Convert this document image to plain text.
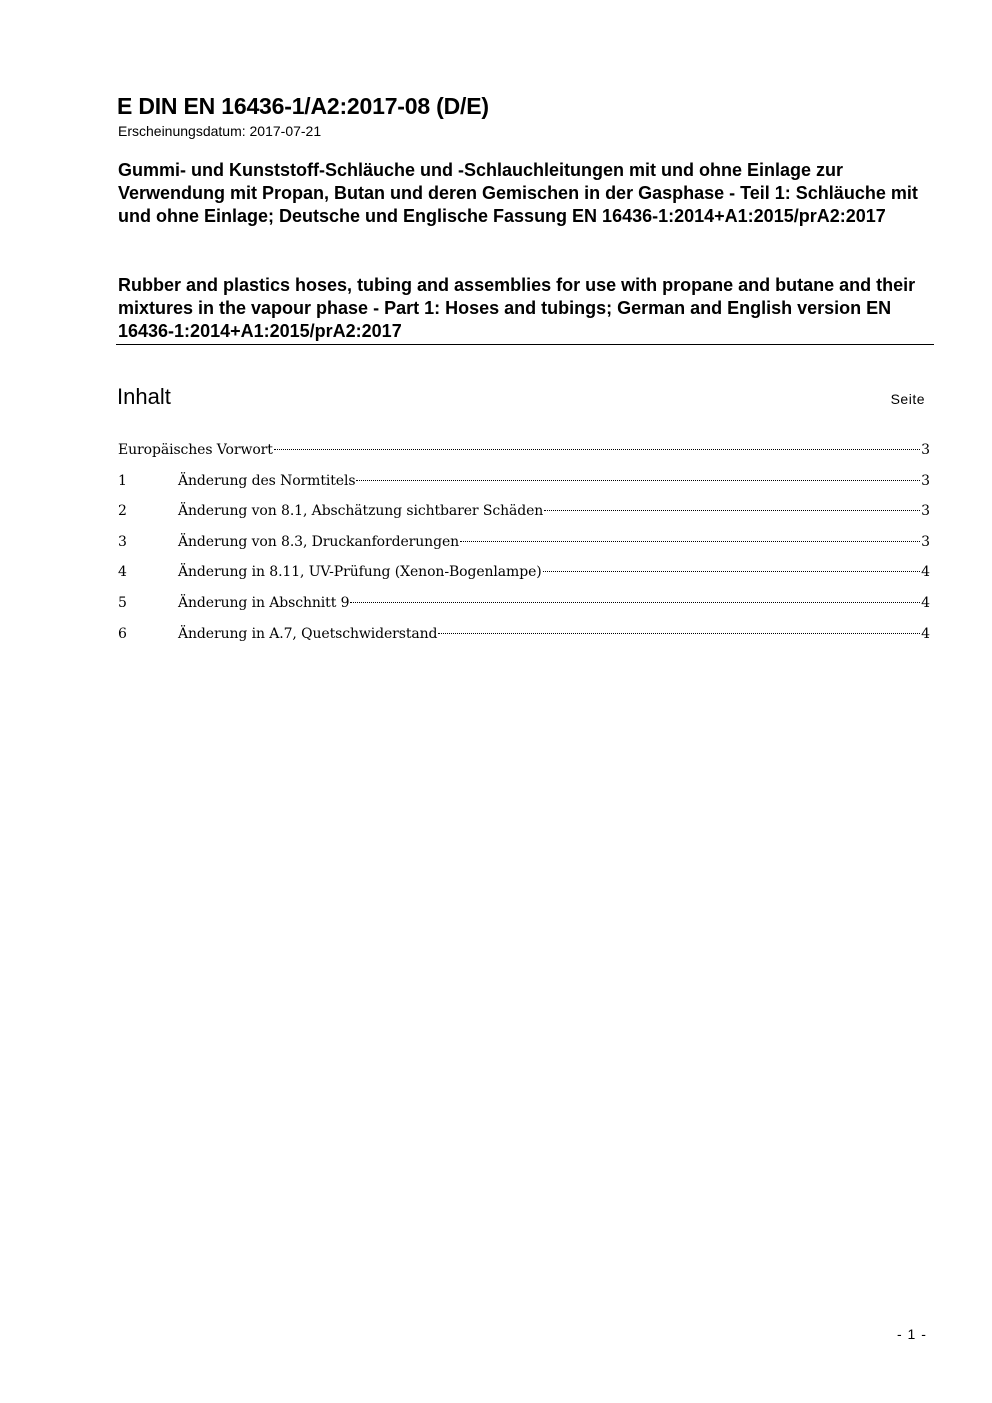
E DIN EN 16436-1/A2:2017-08 (D/E)
Erscheinungsdatum: 2017-07-21

Gummi- und Kunststoff-Schläuche und -Schlauchleitungen mit und ohne Einlage zur Verwendung mit Propan, Butan und deren Gemischen in der Gasphase - Teil 1: Schläuche mit und ohne Einlage; Deutsche und Englische Fassung EN 16436-1:2014+A1:2015/prA2:2017

Rubber and plastics hoses, tubing and assemblies for use with propane and butane and their mixtures in the vapour phase - Part 1: Hoses and tubings; German and English version EN 16436-1:2014+A1:2015/prA2:2017

Inhalt	Seite
Europäisches Vorwort	3
1	Änderung des Normtitels	3
2	Änderung von 8.1, Abschätzung sichtbarer Schäden	3
3	Änderung von 8.3, Druckanforderungen	3
4	Änderung in 8.11, UV-Prüfung (Xenon-Bogenlampe)	4
5	Änderung in Abschnitt 9	4
6	Änderung in A.7, Quetschwiderstand	4
- 1 -
